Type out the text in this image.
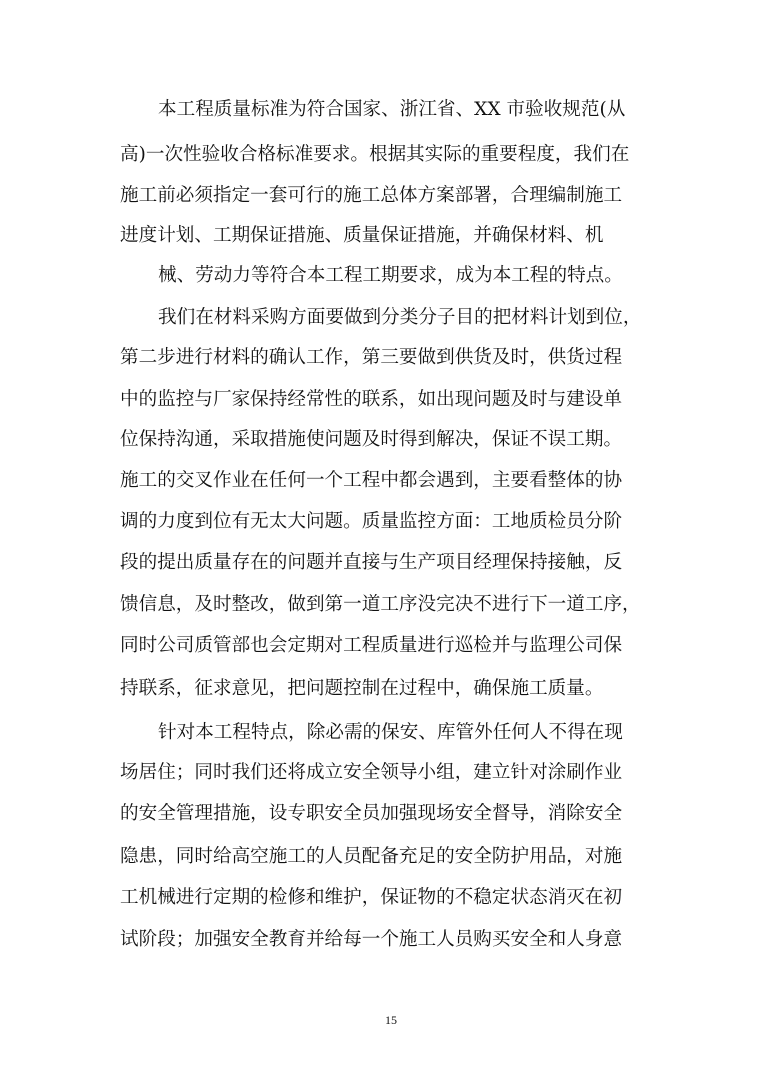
本工程质量标准为符合国家、浙江省、XX 市验收规范(从
高)一次性验收合格标准要求。根据其实际的重要程度，我们在
施工前必须指定一套可行的施工总体方案部署，合理编制施工
进度计划、工期保证措施、质量保证措施，并确保材料、机
械、劳动力等符合本工程工期要求，成为本工程的特点。
我们在材料采购方面要做到分类分子目的把材料计划到位，
第二步进行材料的确认工作，第三要做到供货及时，供货过程
中的监控与厂家保持经常性的联系，如出现问题及时与建设单
位保持沟通，采取措施使问题及时得到解决，保证不误工期。
施工的交叉作业在任何一个工程中都会遇到，主要看整体的协
调的力度到位有无太大问题。质量监控方面：工地质检员分阶
段的提出质量存在的问题并直接与生产项目经理保持接触，反
馈信息，及时整改，做到第一道工序没完决不进行下一道工序，
同时公司质管部也会定期对工程质量进行巡检并与监理公司保
持联系，征求意见，把问题控制在过程中，确保施工质量。
针对本工程特点，除必需的保安、库管外任何人不得在现
场居住；同时我们还将成立安全领导小组，建立针对涂刷作业
的安全管理措施，设专职安全员加强现场安全督导，消除安全
隐患，同时给高空施工的人员配备充足的安全防护用品，对施
工机械进行定期的检修和维护，保证物的不稳定状态消灭在初
试阶段；加强安全教育并给每一个施工人员购买安全和人身意
15
